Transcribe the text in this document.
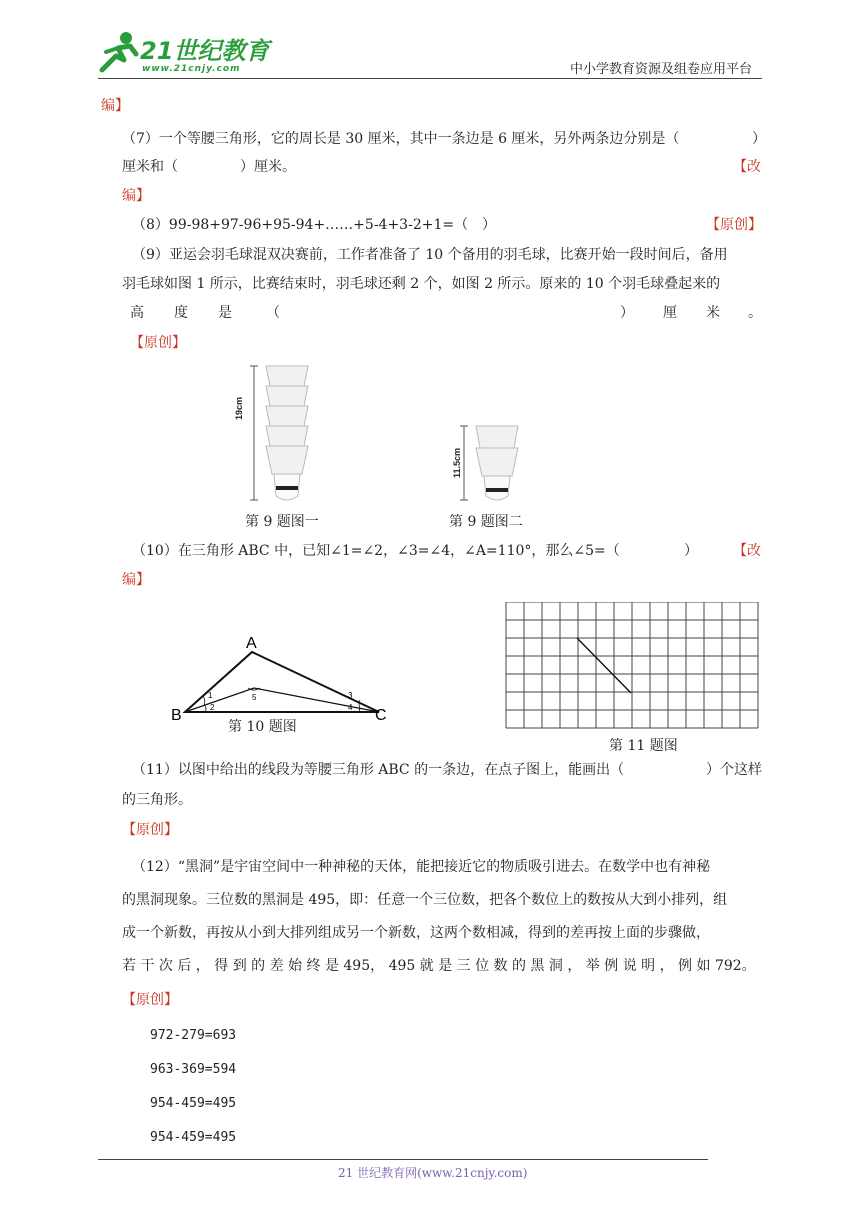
21世纪教育
www.21cnjy.com	中小学教育资源及组卷应用平台
编】
（7）一个等腰三角形，它的周长是 30 厘米，其中一条边是 6 厘米，另外两条边分别是（	）
厘米和（	）厘米。	【改
编】
（8）99-98+97-96+95-94+……+5-4+3-2+1=（ ）	【原创】
（9）亚运会羽毛球混双决赛前，工作者准备了 10 个备用的羽毛球，比赛开始一段时间后，备用
羽毛球如图 1 所示，比赛结束时，羽毛球还剩 2 个，如图 2 所示。原来的 10 个羽毛球叠起来的
高 度 是 （	） 厘 米 。
【原创】
19cm
11.5cm
第 9 题图一	第 9 题图二
（10）在三角形 ABC 中，已知∠1=∠2，∠3=∠4，∠A=110°，那么∠5=（	）	【改
编】
A
B	C
1
2
3
4
5
第 10 题图
第 11 题图
（11）以图中给出的线段为等腰三角形 ABC 的一条边，在点子图上，能画出（	）个这样
的三角形。
【原创】
（12）“黑洞”是宇宙空间中一种神秘的天体，能把接近它的物质吸引进去。在数学中也有神秘
的黑洞现象。三位数的黑洞是 495，即：任意一个三位数，把各个数位上的数按从大到小排列，组
成一个新数，再按从小到大排列组成另一个新数，这两个数相减，得到的差再按上面的步骤做，
若 干 次 后 ， 得 到 的 差 始 终 是 495， 495 就 是 三 位 数 的 黑 洞 ， 举 例 说 明 ， 例 如 792。
【原创】
972-279=693
963-369=594
954-459=495
954-459=495
21 世纪教育网(www.21cnjy.com)
